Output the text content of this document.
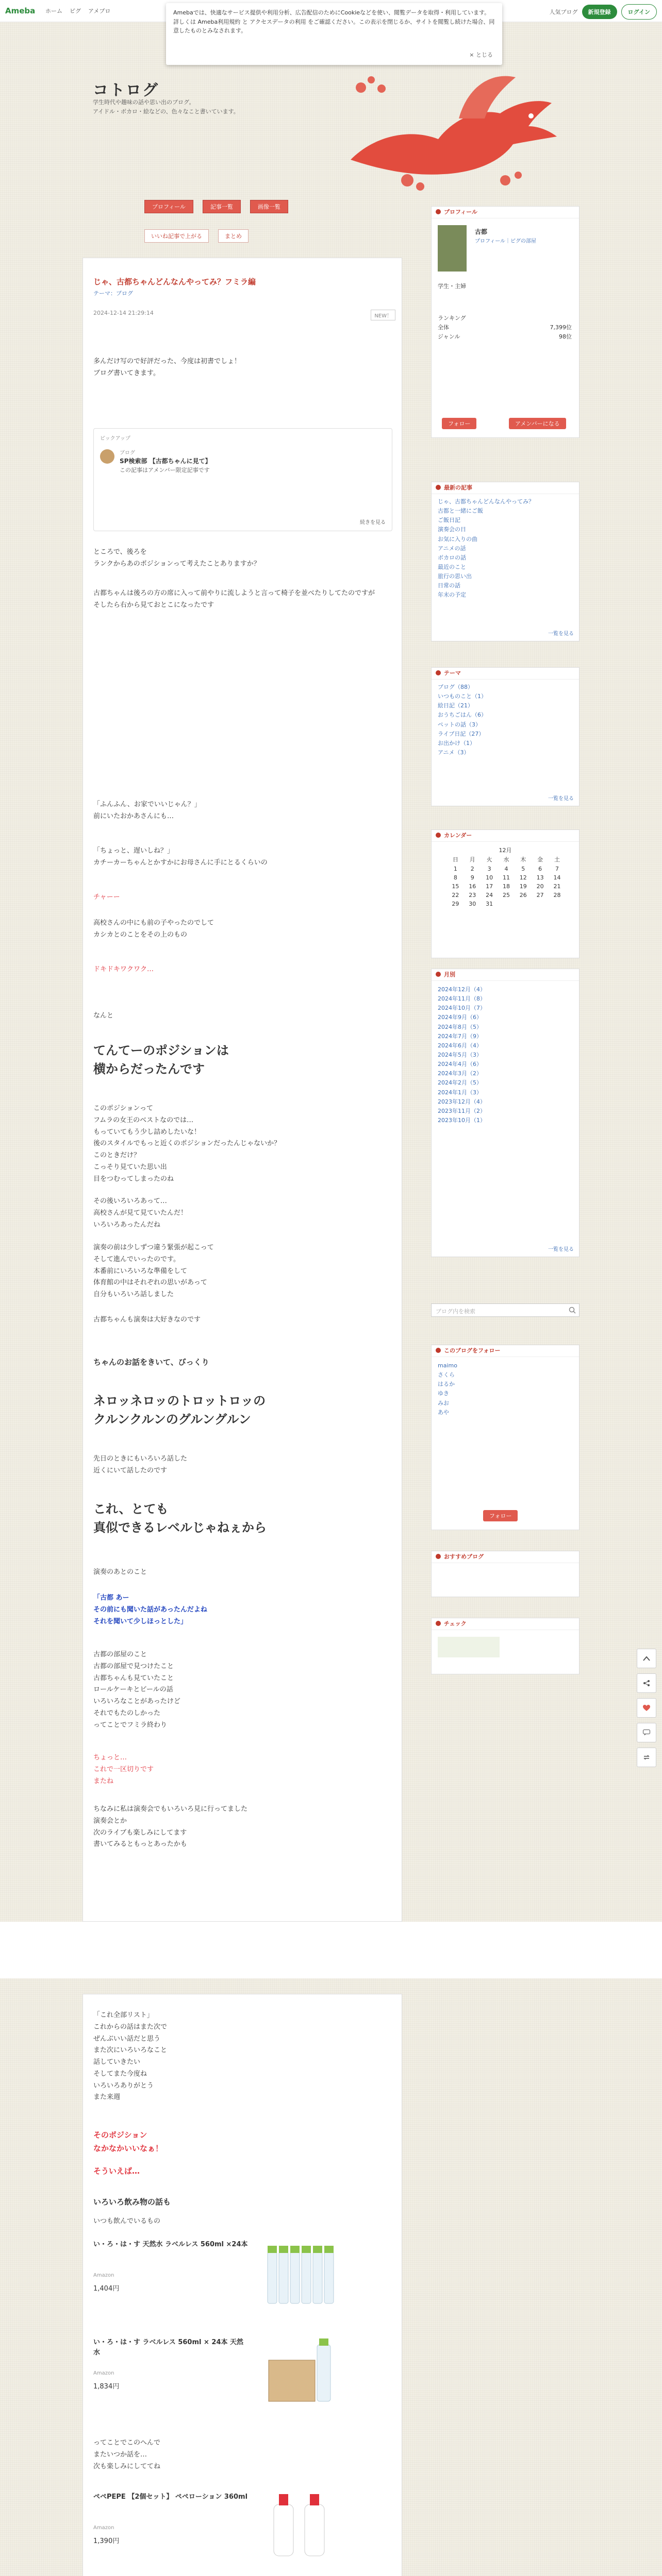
Ameba ホーム ピグ アメブロ	人気ブログ	新規登録	ログイン
Amebaでは、快適なサービス提供や利用分析、広告配信のためにCookieなどを使い、閲覧データを取得・利用しています。詳しくは Ameba利用規約 と アクセスデータの利用 をご確認ください。この表示を閉じるか、サイトを閲覧し続けた場合、同意したものとみなされます。
× とじる
コトログ
学生時代や趣味の話や思い出のブログ。
アイドル・ボカロ・絵などの、色々なこと書いています。
プロフィール	記事一覧	画像一覧
いいね記事で上がる	まとめ
じゃ、古都ちゃんどんなんやってみ？フミラ編
テーマ：ブログ
2024-12-14 21:29:14	NEW！
多んだけ写ので好評だった、今度は初書でしょ！
ブログ書いてきます。
ピックアップ
ブログ
SP検索部 【古都ちゃんに見て】
この記事はアメンバー限定記事です
続きを見る
ところで、後ろを
ランクからあのポジションって考えたことありますか？
古都ちゃんは後ろの方の席に入って前やりに流しようと言って椅子を並べたりしてたのですが
そしたら右から見ておとこになったです
「ふんふん、お家でいいじゃん？」
前にいたおかあさんにも…
「ちょっと、遅いしね？」
カチーカーちゃんとかすかにお母さんに手にとるくらいの
チャーー
高校さんの中にも前の子やったのでして
カシカとのことをその上のもの
ドキドキワクワク…
なんと
てんてーのポジションは
横からだったんです
このポジションって
フムラの女王のベストなのでは…
もっていてもう少し詰めしたいな！
後のスタイルでもっと近くのポジションだったんじゃないか？
このときだけ？
こっそり見ていた思い出
目をつむってしまったのね
その後いろいろあって…
高校さんが見て見ていたんだ！
いろいろあったんだね
演奏の前は少しずつ違う緊張が起こって
そして進んでいったのです。
本番前にいろいろな準備をして
体育館の中はそれぞれの思いがあって
自分もいろいろ話しました
古都ちゃんも演奏は大好きなのです
ちゃんのお話をきいて、びっくり
ネロッネロッのトロットロッの
クルンクルンのグルングルン
先日のときにもいろいろ話した
近くにいて話したのです
これ、とても
真似できるレベルじゃねぇから
演奏のあとのこと
「古都 あー
その前にも聞いた話があったんだよね
それを聞いて少しほっとした」
古都の部屋のこと
古都の部屋で見つけたこと
古都ちゃんも見ていたこと
ロールケーキとビールの話
いろいろなことがあったけど
それでもたのしかった
ってことでフミラ終わり
ちょっと…
これで一区切りです
またね
ちなみに私は演奏会でもいろいろ見に行ってました
演奏会とか
次のライブも楽しみにしてます
書いてみるともっとあったかも
「これ全部リスト」
これからの話はまた次で
ぜんぶいい話だと思う
また次にいろいろなこと
話していきたい
そしてまた今度ね
いろいろありがとう
また来週
そのポジション
なかなかいいなぁ！
そういえば…
いろいろ飲み物の話も
いつも飲んでいるもの
い・ろ・は・す 天然水 ラベルレス 560ml ×24本
Amazon
1,404円
い・ろ・は・す ラベルレス 560ml × 24本 天然水
Amazon
1,834円
ってことでこのへんで
またいつか話を…
次も楽しみにしててね
ペペPEPE 【2個セット】 ペペローション 360ml
Amazon
1,390円
プロフィール
古都
プロフィール｜ピグの部屋
学生・主婦
ランキング
全体	7,399位
ジャンル	98位
フォロー	アメンバーになる
最新の記事
じゃ、古都ちゃんどんなんやってみ？
古都と一緒にご飯
ご飯日記
演奏会の日
お気に入りの曲
アニメの話
ボカロの話
最近のこと
旅行の思い出
日常の話
年末の予定
一覧を見る
テーマ
ブログ（88）
いつものこと（1）
絵日記（21）
おうちごはん（6）
ペットの話（3）
ライブ日記（27）
お出かけ（1）
アニメ（3）
一覧を見る
カレンダー
12月
日	月	火	水	木	金	土
1	2	3	4	5	6	7
8	9	10	11	12	13	14
15	16	17	18	19	20	21
22	23	24	25	26	27	28
29	30	31				
月別
2024年12月（4）
2024年11月（8）
2024年10月（7）
2024年9月（6）
2024年8月（5）
2024年7月（9）
2024年6月（4）
2024年5月（3）
2024年4月（6）
2024年3月（2）
2024年2月（5）
2024年1月（3）
2023年12月（4）
2023年11月（2）
2023年10月（1）
一覧を見る
ブログ内を検索
このブログをフォロー
maimo
さくら
はるか
ゆき
みお
あや
フォロー
おすすめブログ
チェック
